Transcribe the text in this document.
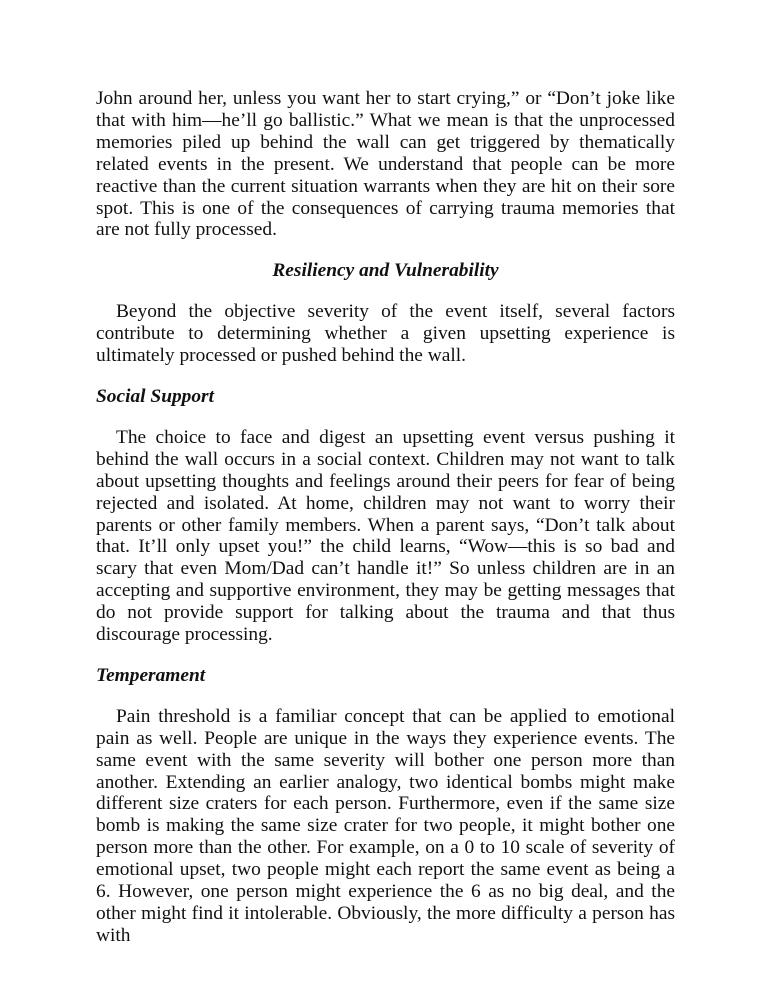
John around her, unless you want her to start crying,” or “Don’t joke like that with him—he’ll go ballistic.” What we mean is that the unprocessed memories piled up behind the wall can get triggered by thematically related events in the present. We understand that people can be more reactive than the current situation warrants when they are hit on their sore spot. This is one of the consequences of carrying trauma memories that are not fully processed.

Resiliency and Vulnerability

Beyond the objective severity of the event itself, several factors contribute to determining whether a given upsetting experience is ultimately processed or pushed behind the wall.

Social Support

The choice to face and digest an upsetting event versus pushing it behind the wall occurs in a social context. Children may not want to talk about upsetting thoughts and feelings around their peers for fear of being rejected and isolated. At home, children may not want to worry their parents or other family members. When a parent says, “Don’t talk about that. It’ll only upset you!” the child learns, “Wow—this is so bad and scary that even Mom/Dad can’t handle it!” So unless children are in an accepting and supportive environment, they may be getting messages that do not provide support for talking about the trauma and that thus discourage processing.

Temperament

Pain threshold is a familiar concept that can be applied to emotional pain as well. People are unique in the ways they experience events. The same event with the same severity will bother one person more than another. Extending an earlier analogy, two identical bombs might make different size craters for each person. Furthermore, even if the same size bomb is making the same size crater for two people, it might bother one person more than the other. For example, on a 0 to 10 scale of severity of emotional upset, two people might each report the same event as being a 6. However, one person might experience the 6 as no big deal, and the other might find it intolerable. Obviously, the more difficulty a person has with
